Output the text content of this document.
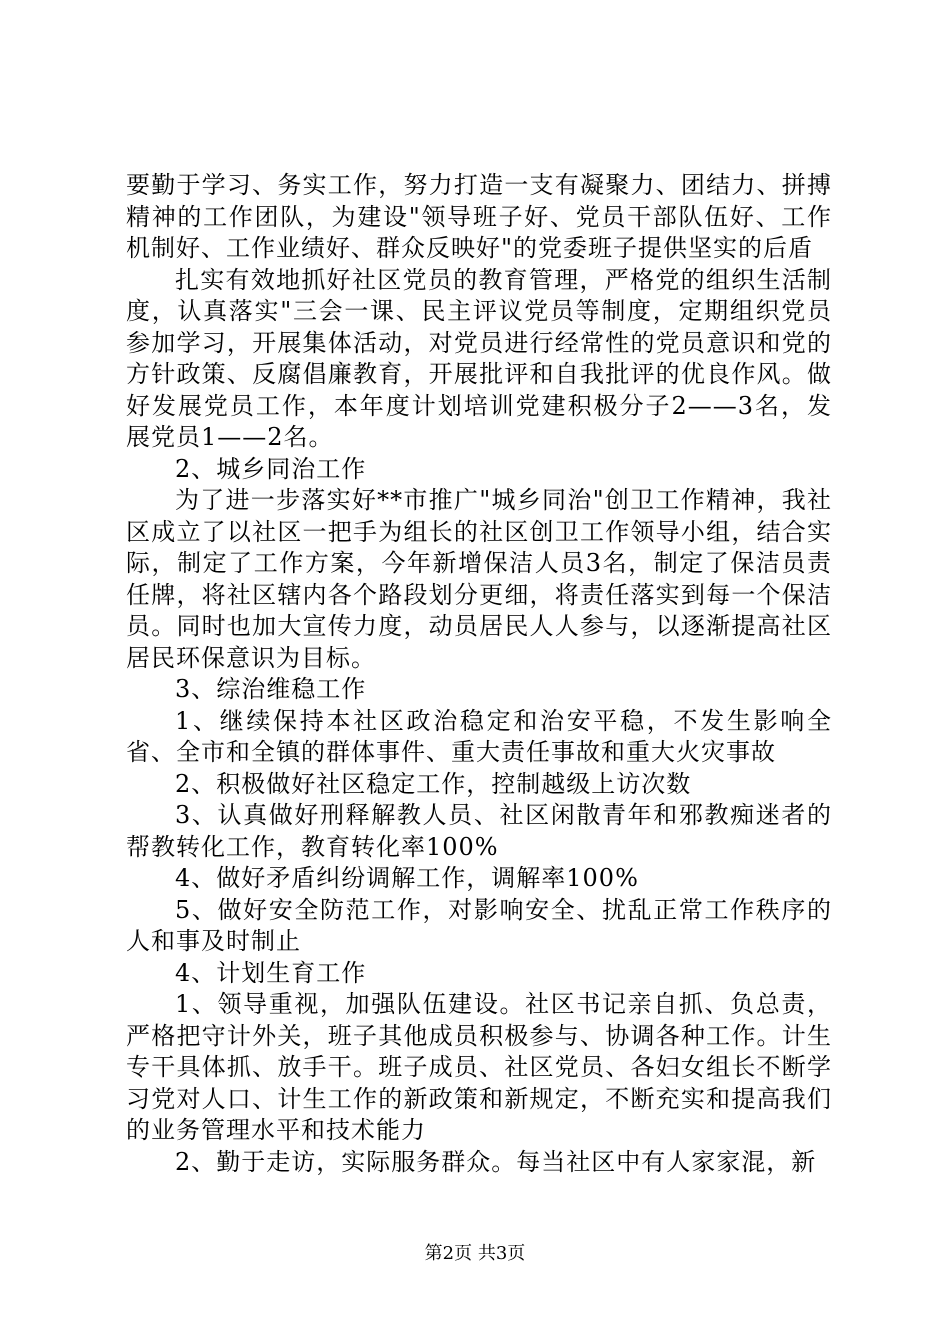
要勤于学习、务实工作，努力打造一支有凝聚力、团结力、拼搏精神的工作团队，为建设"领导班子好、党员干部队伍好、工作机制好、工作业绩好、群众反映好"的党委班子提供坚实的后盾

扎实有效地抓好社区党员的教育管理，严格党的组织生活制度，认真落实"三会一课、民主评议党员等制度，定期组织党员参加学习，开展集体活动，对党员进行经常性的党员意识和党的方针政策、反腐倡廉教育，开展批评和自我批评的优良作风。做好发展党员工作，本年度计划培训党建积极分子2——3名，发展党员1——2名。

2、城乡同治工作

为了进一步落实好**市推广"城乡同治"创卫工作精神，我社区成立了以社区一把手为组长的社区创卫工作领导小组，结合实际，制定了工作方案，今年新增保洁人员3名，制定了保洁员责任牌，将社区辖内各个路段划分更细，将责任落实到每一个保洁员。同时也加大宣传力度，动员居民人人参与，以逐渐提高社区居民环保意识为目标。

3、综治维稳工作

1、继续保持本社区政治稳定和治安平稳，不发生影响全省、全市和全镇的群体事件、重大责任事故和重大火灾事故

2、积极做好社区稳定工作，控制越级上访次数

3、认真做好刑释解教人员、社区闲散青年和邪教痴迷者的帮教转化工作，教育转化率100%

4、做好矛盾纠纷调解工作，调解率100%

5、做好安全防范工作，对影响安全、扰乱正常工作秩序的人和事及时制止

4、计划生育工作

1、领导重视，加强队伍建设。社区书记亲自抓、负总责，严格把守计外关，班子其他成员积极参与、协调各种工作。计生专干具体抓、放手干。班子成员、社区党员、各妇女组长不断学习党对人口、计生工作的新政策和新规定，不断充实和提高我们的业务管理水平和技术能力

2、勤于走访，实际服务群众。每当社区中有人家家混，新

第2页 共3页
